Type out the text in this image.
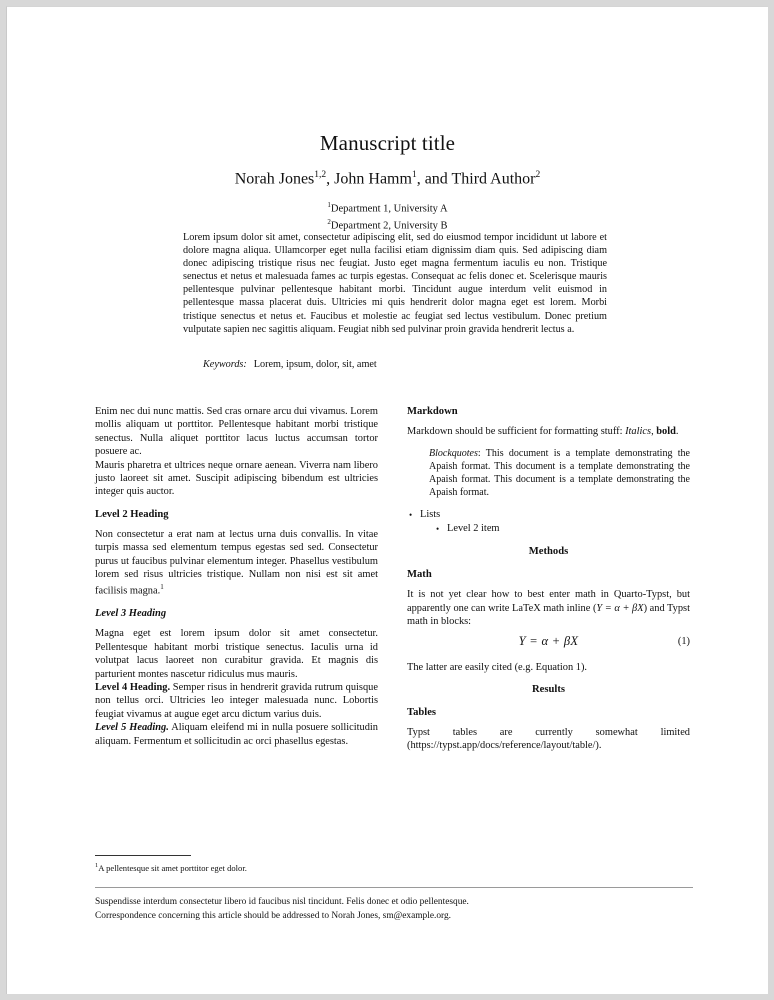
Manuscript title
Norah Jones$^{1,2}$, John Hamm$^1$, and Third Author$^2$
$^1$Department 1, University A
$^2$Department 2, University B
Lorem ipsum dolor sit amet, consectetur adipiscing elit, sed do eiusmod tempor incididunt ut labore et dolore magna aliqua. Ullamcorper eget nulla facilisi etiam dignissim diam quis. Sed adipiscing diam donec adipiscing tristique risus nec feugiat. Justo eget magna fermentum iaculis eu non. Tristique senectus et netus et malesuada fames ac turpis egestas. Consequat ac felis donec et. Scelerisque mauris pellentesque pulvinar pellentesque habitant morbi. Tincidunt augue interdum velit euismod in pellentesque massa placerat duis. Ultricies mi quis hendrerit dolor magna eget est lorem. Morbi tristique senectus et netus et. Faucibus et molestie ac feugiat sed lectus vestibulum. Donec pretium vulputate sapien nec sagittis aliquam. Feugiat nibh sed pulvinar proin gravida hendrerit lectus a.
Keywords: Lorem, ipsum, dolor, sit, amet

Enim nec dui nunc mattis. Sed cras ornare arcu dui vivamus. Lorem mollis aliquam ut porttitor. Pellentesque habitant morbi tristique senectus. Nulla aliquet porttitor lacus luctus accumsan tortor posuere ac.

Mauris pharetra et ultrices neque ornare aenean. Viverra nam libero justo laoreet sit amet. Suscipit adipiscing bibendum est ultricies integer quis auctor.

Level 2 Heading

Non consectetur a erat nam at lectus urna duis convallis. In vitae turpis massa sed elementum tempus egestas sed sed. Consectetur purus ut faucibus pulvinar elementum integer. Phasellus vestibulum lorem sed risus ultricies tristique. Nullam non nisi est sit amet facilisis magna.$^1$

Level 3 Heading

Magna eget est lorem ipsum dolor sit amet consectetur. Pellentesque habitant morbi tristique senectus. Iaculis urna id volutpat lacus laoreet non curabitur gravida. Et magnis dis parturient montes nascetur ridiculus mus mauris.

Level 4 Heading. Semper risus in hendrerit gravida rutrum quisque non tellus orci. Ultricies leo integer malesuada nunc. Lobortis feugiat vivamus at augue eget arcu dictum varius duis.

Level 5 Heading. Aliquam eleifend mi in nulla posuere sollicitudin aliquam. Fermentum et sollicitudin ac orci phasellus egestas.

Markdown

Markdown should be sufficient for formatting stuff: Italics, bold.

Blockquotes: This document is a template demonstrating the Apaish format. This document is a template demonstrating the Apaish format. This document is a template demonstrating the Apaish format.
• Lists
• Level 2 item
Methods
Math

It is not yet clear how to best enter math in Quarto-Typst, but apparently one can write LaTeX math inline (Y = α + βX) and Typst math in blocks:

Y = α + βX	(1)

The latter are easily cited (e.g. Equation 1).

Results
Tables

Typst tables are currently somewhat limited (https://typst.app/docs/reference/layout/table/).

$^1$A pellentesque sit amet porttitor eget dolor.
Suspendisse interdum consectetur libero id faucibus nisl tincidunt. Felis donec et odio pellentesque.
Correspondence concerning this article should be addressed to Norah Jones, sm@example.org.
